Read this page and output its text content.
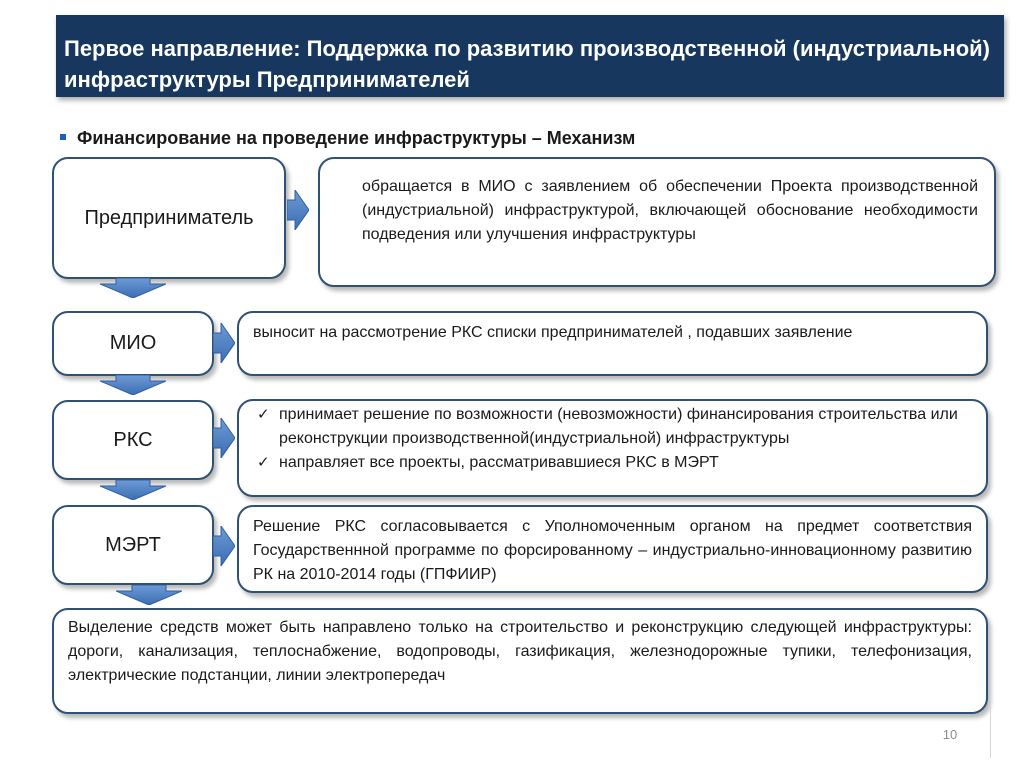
Первое направление: Поддержка по развитию производственной (индустриальной) инфраструктуры Предпринимателей
Финансирование на проведение инфраструктуры – Механизм
Предприниматель

обращается в МИО с заявлением об обеспечении Проекта производственной (индустриальной) инфраструктурой, включающей обоснование необходимости подведения или улучшения инфраструктуры

МИО	выносит на рассмотрение РКС списки предпринимателей , подавших заявление

РКС

✓ принимает решение по возможности (невозможности) финансирования строительства или реконструкции производственной(индустриальной) инфраструктуры

✓ направляет все проекты, рассматривавшиеся РКС в МЭРТ

МЭРТ

Решение РКС согласовывается с Уполномоченным органом на предмет соответствия Государственнной программе по форсированному – индустриально-инновационному развитию РК на 2010-2014 годы (ГПФИИР)

Выделение средств может быть направлено только на строительство и реконструкцию следующей инфраструктуры: дороги, канализация, теплоснабжение, водопроводы, газификация, железнодорожные тупики, телефонизация, электрические подстанции, линии электропередач

10
